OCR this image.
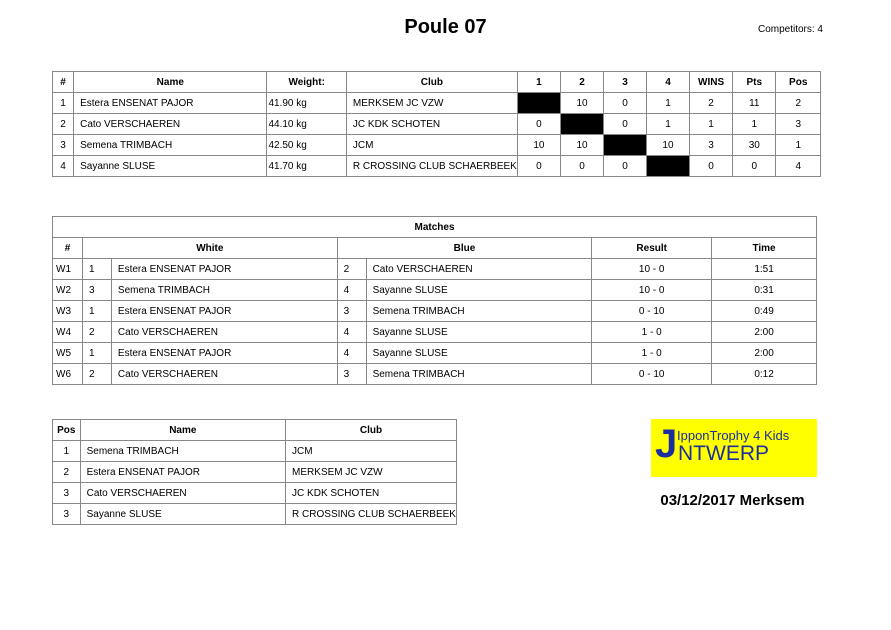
Poule 07	Competitors: 4
#	Name	Weight:	Club	1	2	3	4	WINS	Pts	Pos
1	Estera ENSENAT PAJOR	41.90 kg	MERKSEM JC VZW		10	0	1	2	11	2
2	Cato VERSCHAEREN	44.10 kg	JC KDK SCHOTEN	0		0	1	1	1	3
3	Semena TRIMBACH	42.50 kg	JCM	10	10		10	3	30	1
4	Sayanne SLUSE	41.70 kg	R CROSSING CLUB SCHAERBEEK	0	0	0		0	0	4
Matches						
#	White		Blue		Result	Time
W1	1	Estera ENSENAT PAJOR	2	Cato VERSCHAEREN	10 - 0	1:51
W2	3	Semena TRIMBACH	4	Sayanne SLUSE	10 - 0	0:31
W3	1	Estera ENSENAT PAJOR	3	Semena TRIMBACH	0 - 10	0:49
W4	2	Cato VERSCHAEREN	4	Sayanne SLUSE	1 - 0	2:00
W5	1	Estera ENSENAT PAJOR	4	Sayanne SLUSE	1 - 0	2:00
W6	2	Cato VERSCHAEREN	3	Semena TRIMBACH	0 - 10	0:12
Pos	Name	Club
1	Semena TRIMBACH	JCM
2	Estera ENSENAT PAJOR	MERKSEM JC VZW
3	Cato VERSCHAEREN	JC KDK SCHOTEN
3	Sayanne SLUSE	R CROSSING CLUB SCHAERBEEK
J IpponTrophy 4 Kids
NTWERP
03/12/2017 Merksem
